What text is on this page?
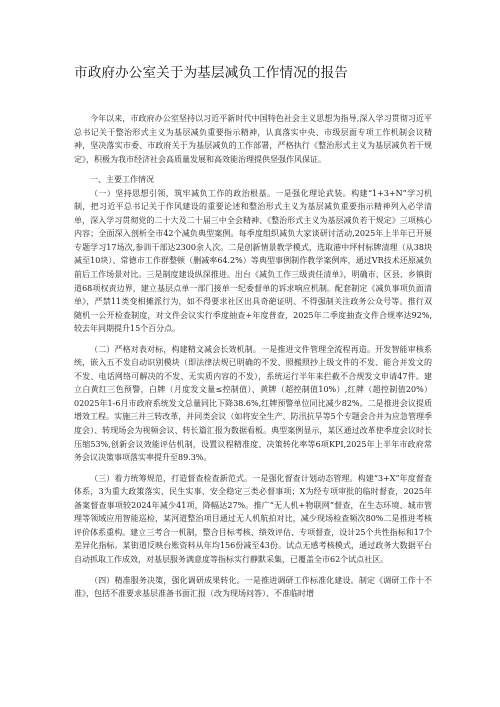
市政府办公室关于为基层减负工作情况的报告

今年以来，市政府办公室坚持以习近平新时代中国特色社会主义思想为指导,深入学习贯彻习近平总书记关于整治形式主义为基层减负重要指示精神，认真落实中央、市级层面专项工作机制会议精神，坚决落实市委、市政府关于为基层减负的工作部署，严格执行《整治形式主义为基层减负若干规定》，积极为我市经济社会高质量发展和高效能治理提供坚强作风保证。

一、主要工作情况

（一）坚持思想引领，筑牢减负工作的政治根基。一是强化理论武装。构建“1+3+N”学习机制，把习近平总书记关于作风建设的重要论述和整治形式主义为基层减负重要指示精神列入必学清单，深入学习贯彻党的二十大及二十届三中全会精神、《整治形式主义为基层减负若干规定》三项核心内容；全面深入剖析全市42个减负典型案例。每季度组织减负大家谈研讨活动,2025年上半年已开展专题学习17场次,参训干部达2300余人次。二是创新情景教学模式，选取港中坪村标牌清理（从38块减至10块）、常德市工作群整顿（删减率64.2%）等典型事例制作教学案例库，通过VR技术还原减负前后工作场景对比。三是制度建设纵深推进。出台《减负工作三级责任清单》，明确市、区县、乡镇街道68项权责边界，建立基层点单一部门接单一纪委督单的诉求响应机制。配套制定《减负事项负面清单》，严禁11类变相摊派行为，如不得要求社区出具奇葩证明、不得强制关注政务公众号等。推行双随机一公开检查制度，对文件会议实行季度抽查+年度普查，2025年二季度抽查文件合规率达92%,较去年同期提升15个百分点。

（二）严格对表对标，构建精文减会长效机制。一是推进文件管理全流程再造。开发智能审核系统，嵌入五不发自动识别模块（即法律法规已明确的不发、照搬照抄上级文件的不发、能合并发文的不发、电话网络可解决的不发、无实质内容的不发），系统运行半年来拦截不合规发文申请47件。建立白黄红三色预警，白牌（月度发文量≤控制值）、黄牌（超控制值10%）,红牌（超控制值20%）02025年1-6月市政府系统发文总量同比下降38.6%,红牌预警单位同比减少82%。二是推进会议提质增效工程。实施三并三转改革，并同类会议（如将安全生产、防汛抗旱等5个专题会合并为应急管理季度会）、转现场会为视频会议、转长篇汇报为数据看板。典型案例显示，某区通过改革使季度会议时长压缩53%,创新会议效能评估机制，设置议程精准度、决策转化率等6项KPI,2025年上半年市政府常务会议决策事项落实率提升至89.3%。

（三）着力统筹规范，打造督查检查新范式。一是强化督查计划动态管理。构建“3+X”年度督查体系，3为重大政策落实、民生实事、安全稳定三类必督事项；X为经专项审批的临时督查，2025年备案督查事项较2024年减少41项，降幅达27%。推广“无人机+物联网”督查，在生态环境、城市管理等领域应用智能巡检，某河道整治项目通过无人机航拍对比，减少现场检查频次80%二是推进考核评价体系重构。建立三考合一机制，整合目标考核、绩效评估、专项督查，设计25个共性指标和17个差异化指标。某街道反映台账资料从年均156份减至43份。试点无感考核模式，通过政务大数据平台自动抓取工作成效，对基层服务满意度等指标实行静默采集，已覆盖全市62个试点社区。

（四）精准服务决策，强化调研成果转化。一是推进调研工作标准化建设。制定《调研工作十不准》，包括不准要求基层准备书面汇报（改为现场问答）、不准临时增
